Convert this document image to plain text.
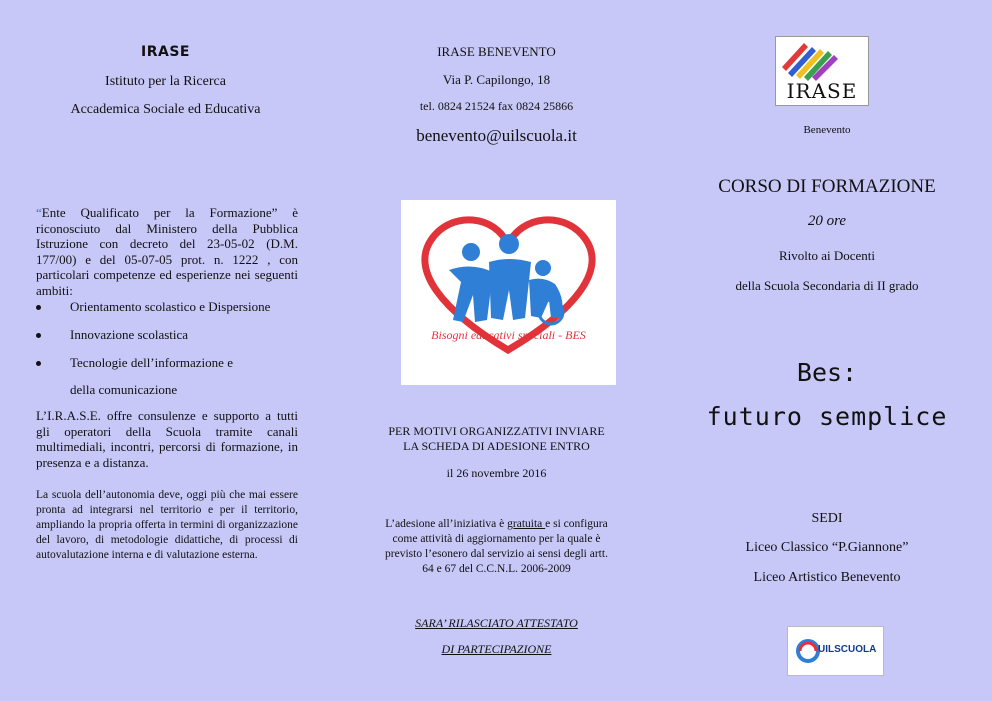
IRASE
Istituto per la Ricerca
Accademica Sociale ed Educativa
“Ente Qualificato per la Formazione” è riconosciuto dal Ministero della Pubblica Istruzione con decreto del 23-05-02 (D.M. 177/00) e del 05-07-05 prot. n. 1222 , con particolari competenze ed esperienze nei seguenti ambiti:
Orientamento scolastico e Dispersione
Innovazione scolastica
Tecnologie dell’informazione e
della comunicazione
L’I.R.A.S.E. offre consulenze e supporto a tutti gli operatori della Scuola tramite canali multimediali, incontri, percorsi di formazione, in presenza e a distanza.
La scuola dell’autonomia deve, oggi più che mai essere pronta ad integrarsi nel territorio e per il territorio, ampliando la propria offerta in termini di organizzazione del lavoro, di metodologie didattiche, di processi di autovalutazione interna e di valutazione esterna.
IRASE BENEVENTO
Via P. Capilongo, 18
tel. 0824 21524 fax 0824 25866
benevento@uilscuola.it
Bisogni educativi speciali - BES
PER MOTIVI ORGANIZZATIVI INVIARE
LA SCHEDA DI ADESIONE ENTRO
il 26 novembre 2016
L’adesione all’iniziativa è gratuita e si configura come attività di aggiornamento per la quale è previsto l’esonero dal servizio ai sensi degli artt. 64 e 67 del C.C.N.L. 2006-2009
SARA’ RILASCIATO ATTESTATO
DI PARTECIPAZIONE
IRASE
Benevento
CORSO DI FORMAZIONE
20 ore
Rivolto ai Docenti
della Scuola Secondaria di II grado
Bes:
futuro semplice
SEDI
Liceo Classico “P.Giannone”
Liceo Artistico Benevento
UILSCUOLA
